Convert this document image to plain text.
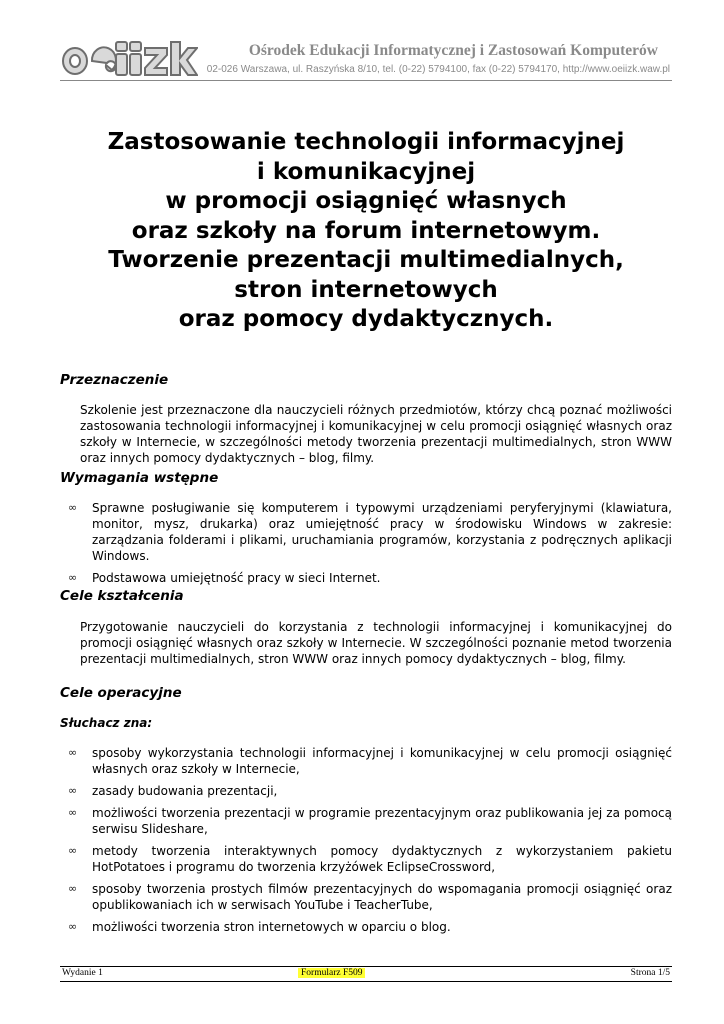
Ośrodek Edukacji Informatycznej i Zastosowań Komputerów
02-026 Warszawa, ul. Raszyńska 8/10, tel. (0-22) 5794100, fax (0-22) 5794170, http://www.oeiizk.waw.pl
Zastosowanie technologii informacyjnej
i komunikacyjnej
w promocji osiągnięć własnych
oraz szkoły na forum internetowym.
Tworzenie prezentacji multimedialnych,
stron internetowych
oraz pomocy dydaktycznych.
Przeznaczenie
Szkolenie jest przeznaczone dla nauczycieli różnych przedmiotów, którzy chcą poznać możliwości zastosowania technologii informacyjnej i komunikacyjnej w celu promocji osiągnięć własnych oraz szkoły w Internecie, w szczególności metody tworzenia prezentacji multimedialnych, stron WWW oraz innych pomocy dydaktycznych – blog, filmy.
Wymagania wstępne
∞ Sprawne posługiwanie się komputerem i typowymi urządzeniami peryferyjnymi (klawiatura, monitor, mysz, drukarka) oraz umiejętność pracy w środowisku Windows w zakresie: zarządzania folderami i plikami, uruchamiania programów, korzystania z podręcznych aplikacji Windows.
∞ Podstawowa umiejętność pracy w sieci Internet.
Cele kształcenia
Przygotowanie nauczycieli do korzystania z technologii informacyjnej i komunikacyjnej do promocji osiągnięć własnych oraz szkoły w Internecie. W szczególności poznanie metod tworzenia prezentacji multimedialnych, stron WWW oraz innych pomocy dydaktycznych – blog, filmy.
Cele operacyjne
Słuchacz zna:
∞ sposoby wykorzystania technologii informacyjnej i komunikacyjnej w celu promocji osiągnięć własnych oraz szkoły w Internecie,
∞ zasady budowania prezentacji,
∞ możliwości tworzenia prezentacji w programie prezentacyjnym oraz publikowania jej za pomocą serwisu Slideshare,
∞ metody tworzenia interaktywnych pomocy dydaktycznych z wykorzystaniem pakietu HotPotatoes i programu do tworzenia krzyżówek EclipseCrossword,
∞ sposoby tworzenia prostych filmów prezentacyjnych do wspomagania promocji osiągnięć oraz opublikowaniach ich w serwisach YouTube i TeacherTube,
∞ możliwości tworzenia stron internetowych w oparciu o blog.
Wydanie 1	Formularz F509	Strona 1/5
